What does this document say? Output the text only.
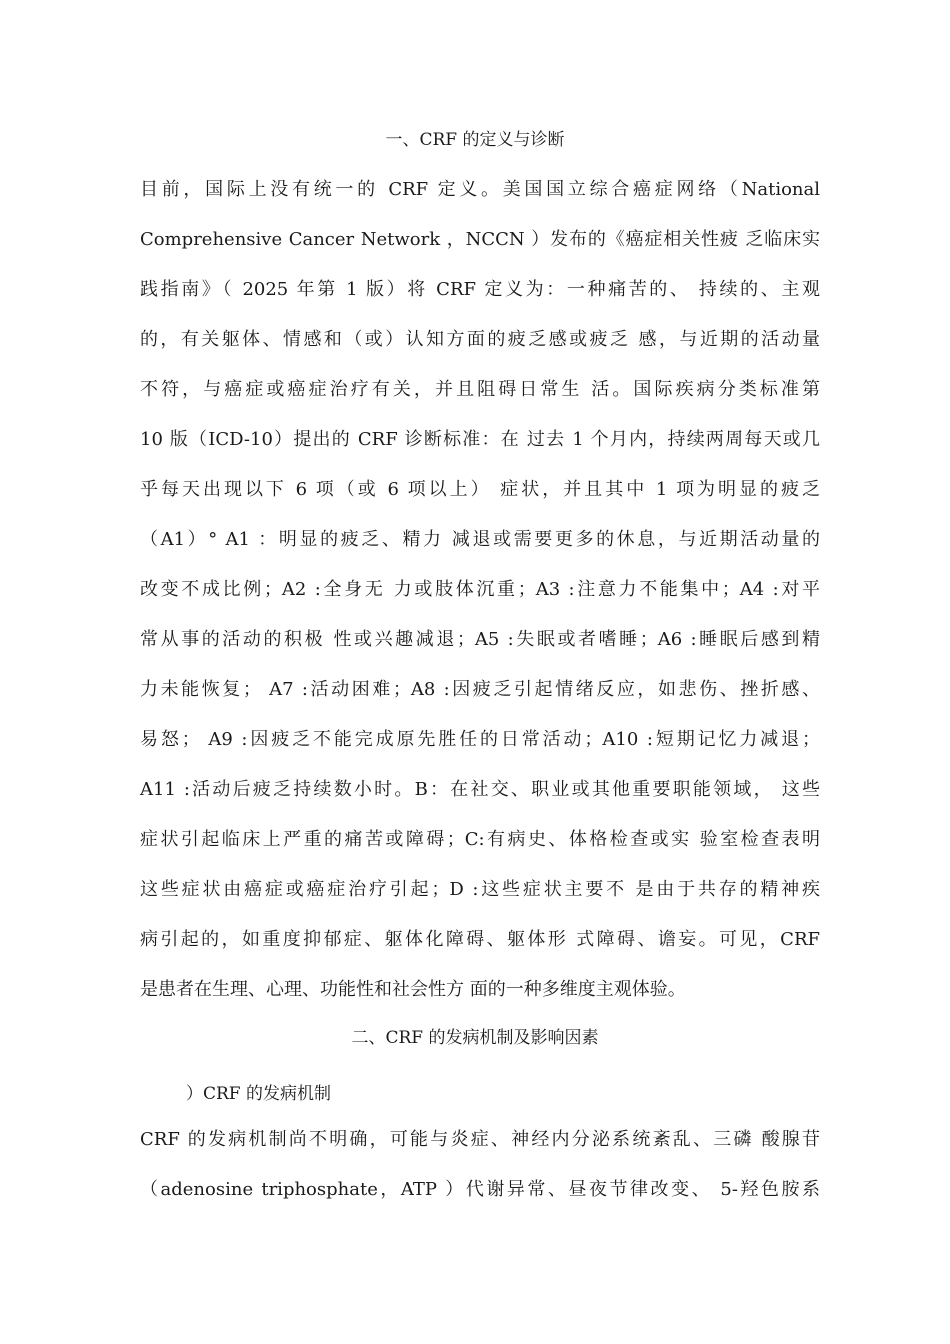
一、CRF 的定义与诊断
目前，国际上没有统一的 CRF 定义。美国国立综合癌症网络（National
Comprehensive Cancer Network ，NCCN ）发布的《癌症相关性疲 乏临床实
践指南》（ 2025 年第 1 版）将 CRF 定义为：一种痛苦的、 持续的、主观
的，有关躯体、情感和（或）认知方面的疲乏感或疲乏 感，与近期的活动量
不符，与癌症或癌症治疗有关，并且阻碍日常生 活。国际疾病分类标准第
10 版（ICD-10）提出的 CRF 诊断标准：在 过去 1 个月内，持续两周每天或几
乎每天出现以下 6 项（或 6 项以上） 症状，并且其中 1 项为明显的疲乏
（A1）° A1 ：明显的疲乏、精力 减退或需要更多的休息，与近期活动量的
改变不成比例；A2 :全身无 力或肢体沉重；A3 :注意力不能集中；A4 :对平
常从事的活动的积极 性或兴趣减退；A5 :失眠或者嗜睡；A6 :睡眠后感到精
力未能恢复； A7 :活动困难；A8 :因疲乏引起情绪反应，如悲伤、挫折感、
易怒； A9 :因疲乏不能完成原先胜任的日常活动；A10 :短期记忆力减退；
A11 :活动后疲乏持续数小时。B：在社交、职业或其他重要职能领域， 这些
症状引起临床上严重的痛苦或障碍；C:有病史、体格检查或实 验室检查表明
这些症状由癌症或癌症治疗引起；D :这些症状主要不 是由于共存的精神疾
病引起的，如重度抑郁症、躯体化障碍、躯体形 式障碍、谵妄。可见，CRF
是患者在生理、心理、功能性和社会性方 面的一种多维度主观体验。
二、CRF 的发病机制及影响因素
）CRF 的发病机制
CRF 的发病机制尚不明确，可能与炎症、神经内分泌系统紊乱、三磷 酸腺苷
（adenosine triphosphate，ATP ）代谢异常、昼夜节律改变、 5-羟色胺系
